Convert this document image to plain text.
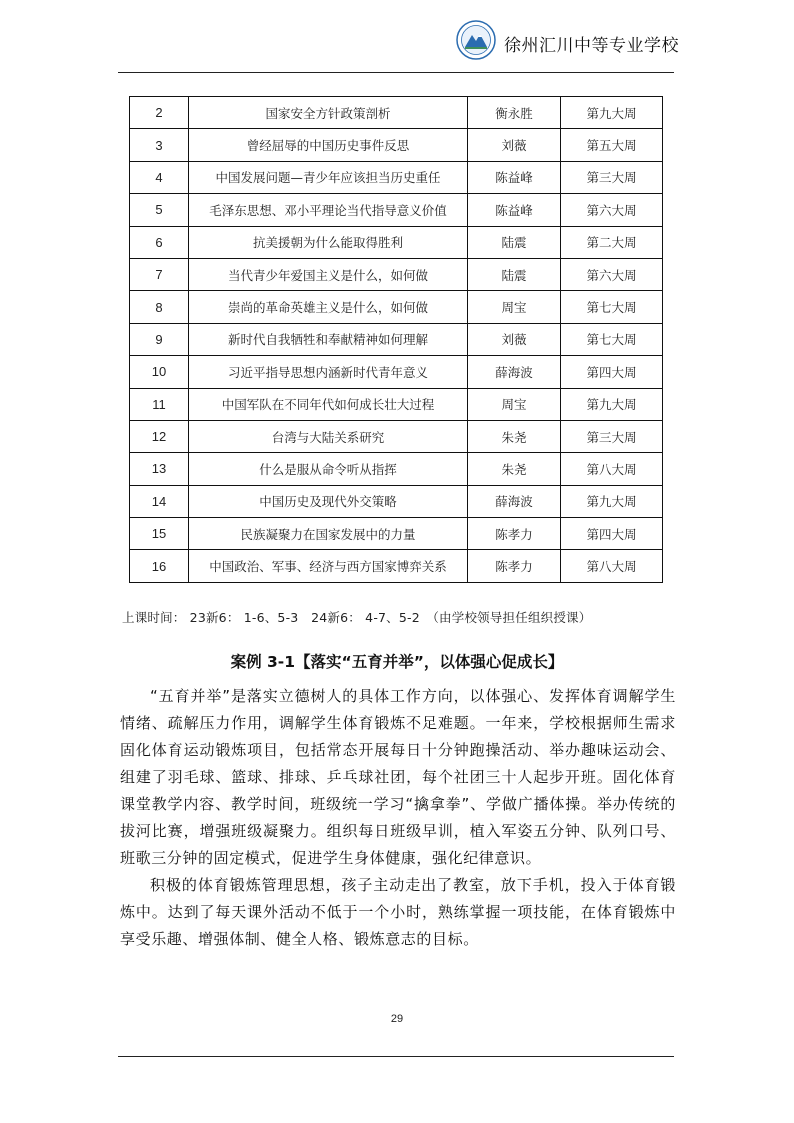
徐州汇川中等专业学校
2	国家安全方针政策剖析	衡永胜	第九大周
3	曾经屈辱的中国历史事件反思	刘薇	第五大周
4	中国发展问题—青少年应该担当历史重任	陈益峰	第三大周
5	毛泽东思想、邓小平理论当代指导意义价值	陈益峰	第六大周
6	抗美援朝为什么能取得胜利	陆震	第二大周
7	当代青少年爱国主义是什么，如何做	陆震	第六大周
8	崇尚的革命英雄主义是什么，如何做	周宝	第七大周
9	新时代自我牺牲和奉献精神如何理解	刘薇	第七大周
10	习近平指导思想内涵新时代青年意义	薛海波	第四大周
11	中国军队在不同年代如何成长壮大过程	周宝	第九大周
12	台湾与大陆关系研究	朱尧	第三大周
13	什么是服从命令听从指挥	朱尧	第八大周
14	中国历史及现代外交策略	薛海波	第九大周
15	民族凝聚力在国家发展中的力量	陈孝力	第四大周
16	中国政治、军事、经济与西方国家博弈关系	陈孝力	第八大周
上课时间： 23新6： 1-6、5-3　24新6： 4-7、5-2　（由学校领导担任组织授课）
案例 3-1【落实“五育并举”，以体强心促成长】

“五育并举”是落实立德树人的具体工作方向，以体强心、发挥体育调解学生情绪、疏解压力作用，调解学生体育锻炼不足难题。一年来，学校根据师生需求固化体育运动锻炼项目，包括常态开展每日十分钟跑操活动、举办趣味运动会、组建了羽毛球、篮球、排球、乒乓球社团，每个社团三十人起步开班。固化体育课堂教学内容、教学时间，班级统一学习“擒拿拳”、学做广播体操。举办传统的拔河比赛，增强班级凝聚力。组织每日班级早训，植入军姿五分钟、队列口号、班歌三分钟的固定模式，促进学生身体健康，强化纪律意识。

积极的体育锻炼管理思想，孩子主动走出了教室，放下手机，投入于体育锻炼中。达到了每天课外活动不低于一个小时，熟练掌握一项技能，在体育锻炼中享受乐趣、增强体制、健全人格、锻炼意志的目标。

29
